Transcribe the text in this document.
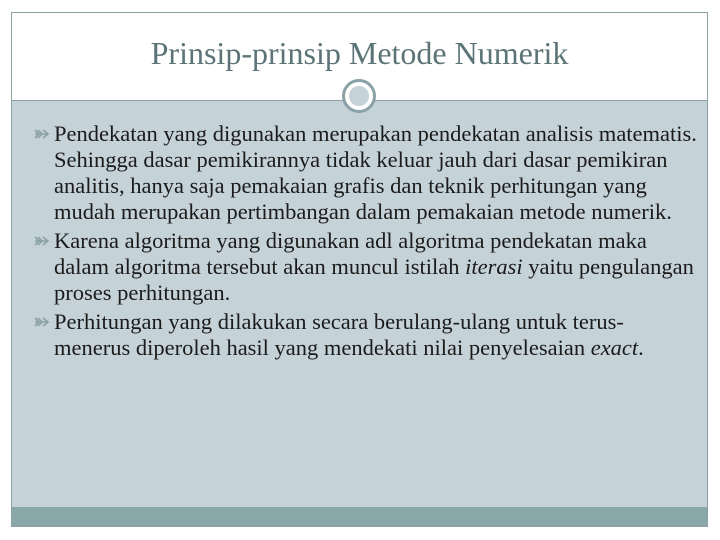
Prinsip-prinsip Metode Numerik
Pendekatan yang digunakan merupakan pendekatan analisis matematis. Sehingga dasar pemikirannya tidak keluar jauh dari dasar pemikiran analitis, hanya saja pemakaian grafis dan teknik perhitungan yang mudah merupakan pertimbangan dalam pemakaian metode numerik.
Karena algoritma yang digunakan adl algoritma pendekatan maka dalam algoritma tersebut akan muncul istilah iterasi yaitu pengulangan proses perhitungan.
Perhitungan yang dilakukan secara berulang-ulang untuk terus-menerus diperoleh hasil yang mendekati nilai penyelesaian exact.
